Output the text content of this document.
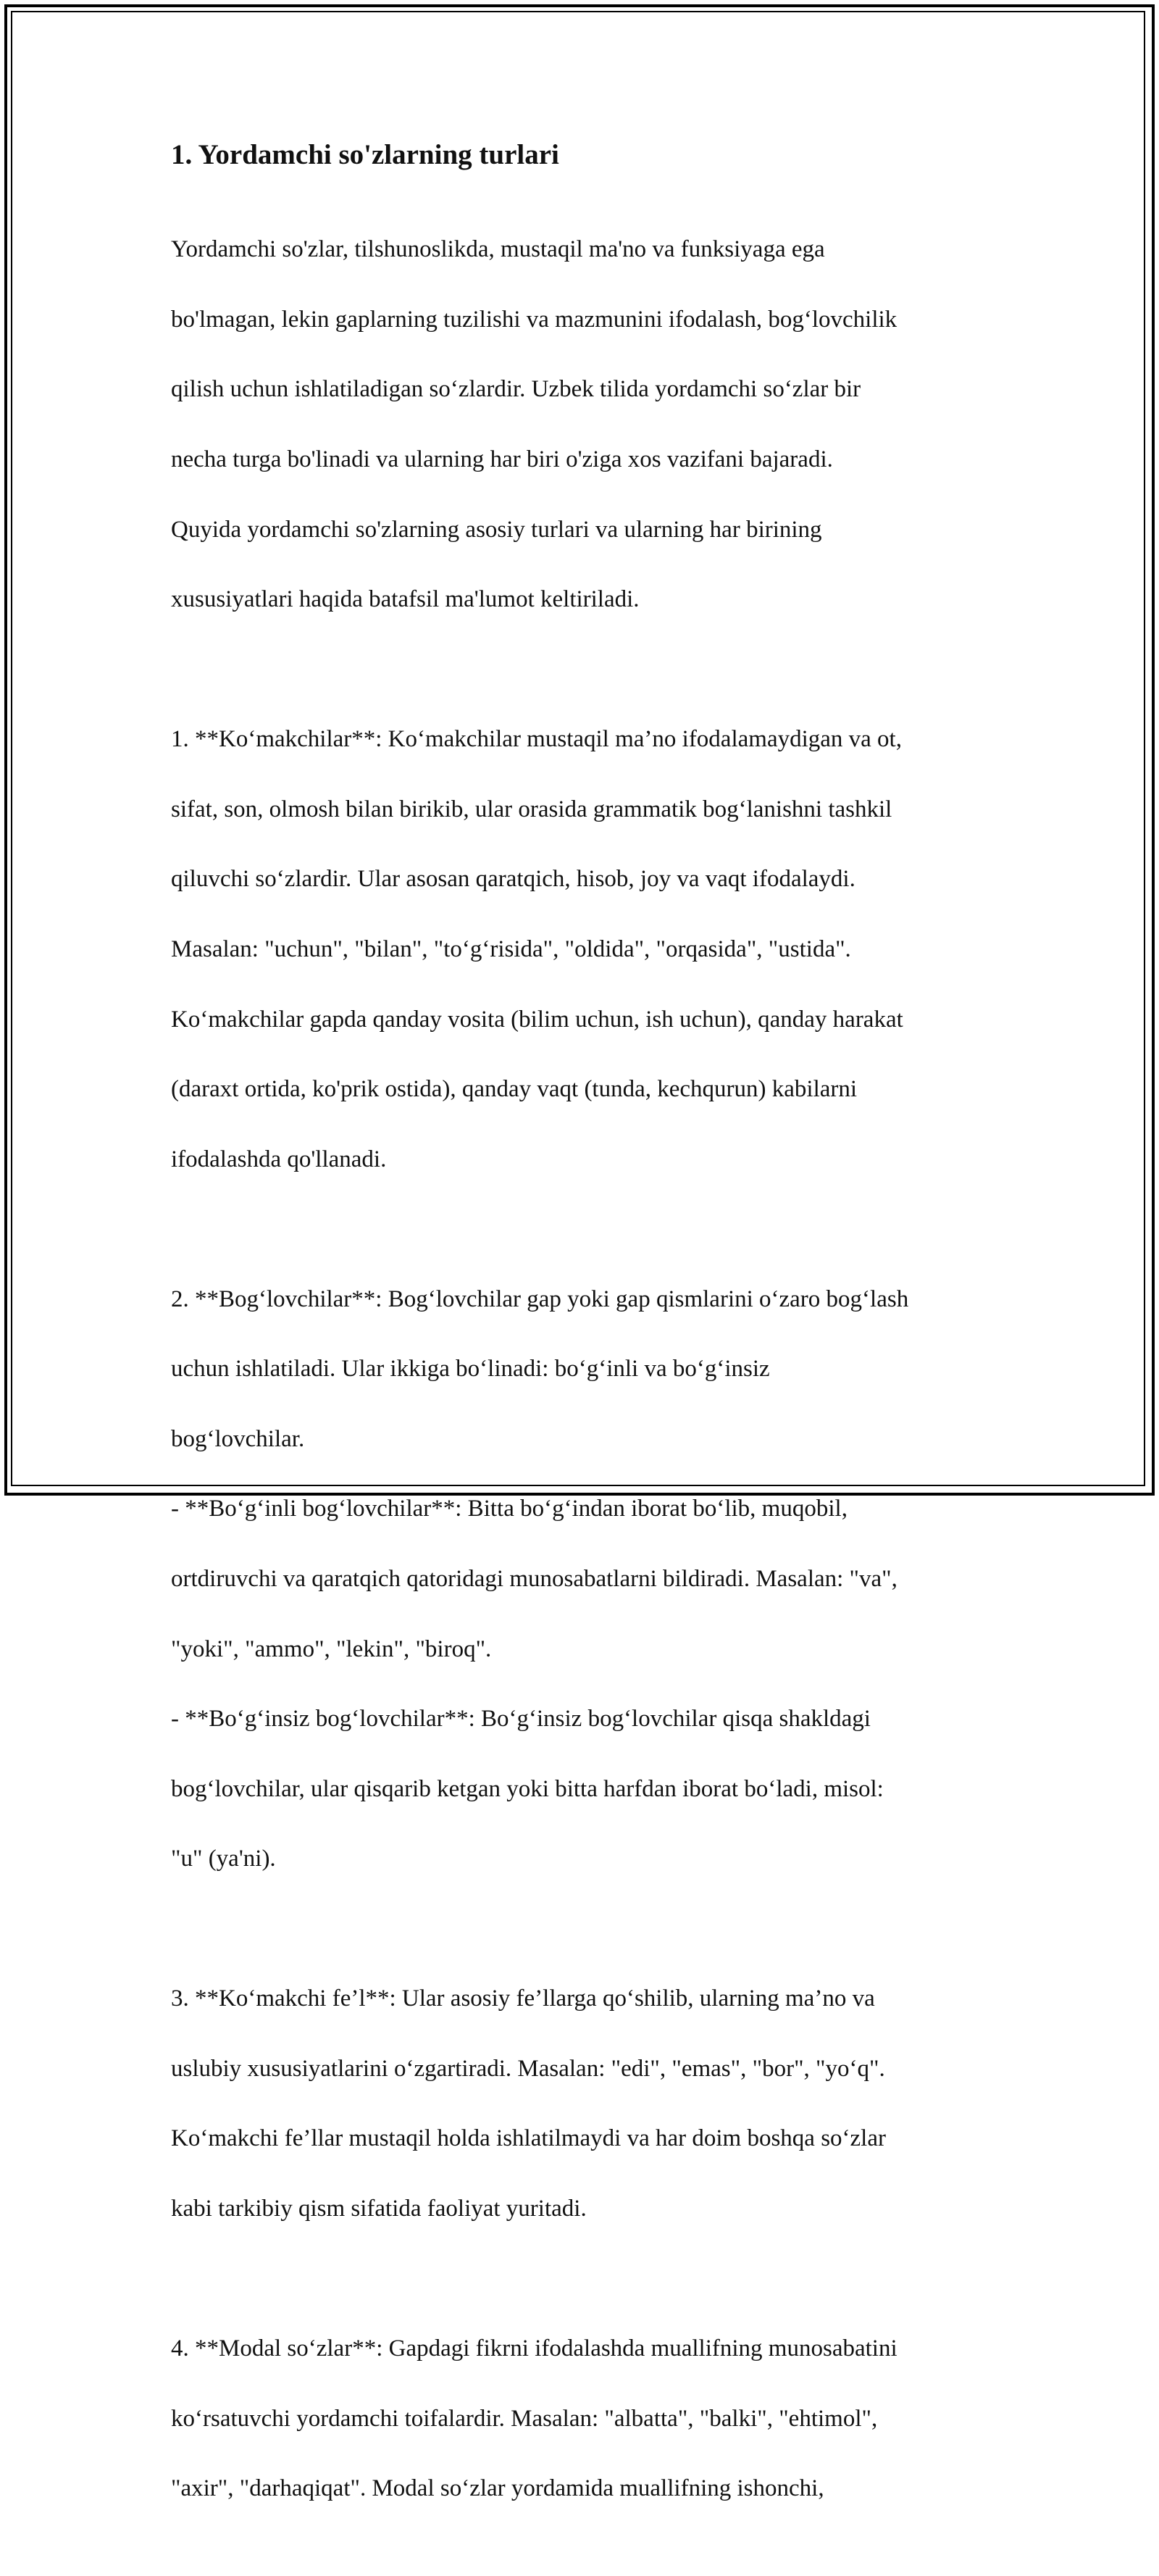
1. Yordamchi so'zlarning turlari

Yordamchi so'zlar, tilshunoslikda, mustaqil ma'no va funksiyaga ega

bo'lmagan, lekin gaplarning tuzilishi va mazmunini ifodalash, bog‘lovchilik

qilish uchun ishlatiladigan so‘zlardir. Uzbek tilida yordamchi so‘zlar bir

necha turga bo'linadi va ularning har biri o'ziga xos vazifani bajaradi.

Quyida yordamchi so'zlarning asosiy turlari va ularning har birining

xususiyatlari haqida batafsil ma'lumot keltiriladi.

1. **Ko‘makchilar**: Ko‘makchilar mustaqil ma’no ifodalamaydigan va ot,

sifat, son, olmosh bilan birikib, ular orasida grammatik bog‘lanishni tashkil

qiluvchi so‘zlardir. Ular asosan qaratqich, hisob, joy va vaqt ifodalaydi.

Masalan: "uchun", "bilan", "to‘g‘risida", "oldida", "orqasida", "ustida".

Ko‘makchilar gapda qanday vosita (bilim uchun, ish uchun), qanday harakat

(daraxt ortida, ko'prik ostida), qanday vaqt (tunda, kechqurun) kabilarni

ifodalashda qo'llanadi.

2. **Bog‘lovchilar**: Bog‘lovchilar gap yoki gap qismlarini o‘zaro bog‘lash

uchun ishlatiladi. Ular ikkiga bo‘linadi: bo‘g‘inli va bo‘g‘insiz

bog‘lovchilar.

- **Bo‘g‘inli bog‘lovchilar**: Bitta bo‘g‘indan iborat bo‘lib, muqobil,

ortdiruvchi va qaratqich qatoridagi munosabatlarni bildiradi. Masalan: "va",

"yoki", "ammo", "lekin", "biroq".

- **Bo‘g‘insiz bog‘lovchilar**: Bo‘g‘insiz bog‘lovchilar qisqa shakldagi

bog‘lovchilar, ular qisqarib ketgan yoki bitta harfdan iborat bo‘ladi, misol:

"u" (ya'ni).

3. **Ko‘makchi fe’l**: Ular asosiy fe’llarga qo‘shilib, ularning ma’no va

uslubiy xususiyatlarini o‘zgartiradi. Masalan: "edi", "emas", "bor", "yo‘q".

Ko‘makchi fe’llar mustaqil holda ishlatilmaydi va har doim boshqa so‘zlar

kabi tarkibiy qism sifatida faoliyat yuritadi.

4. **Modal so‘zlar**: Gapdagi fikrni ifodalashda muallifning munosabatini

ko‘rsatuvchi yordamchi toifalardir. Masalan: "albatta", "balki", "ehtimol",

"axir", "darhaqiqat". Modal so‘zlar yordamida muallifning ishonchi,
